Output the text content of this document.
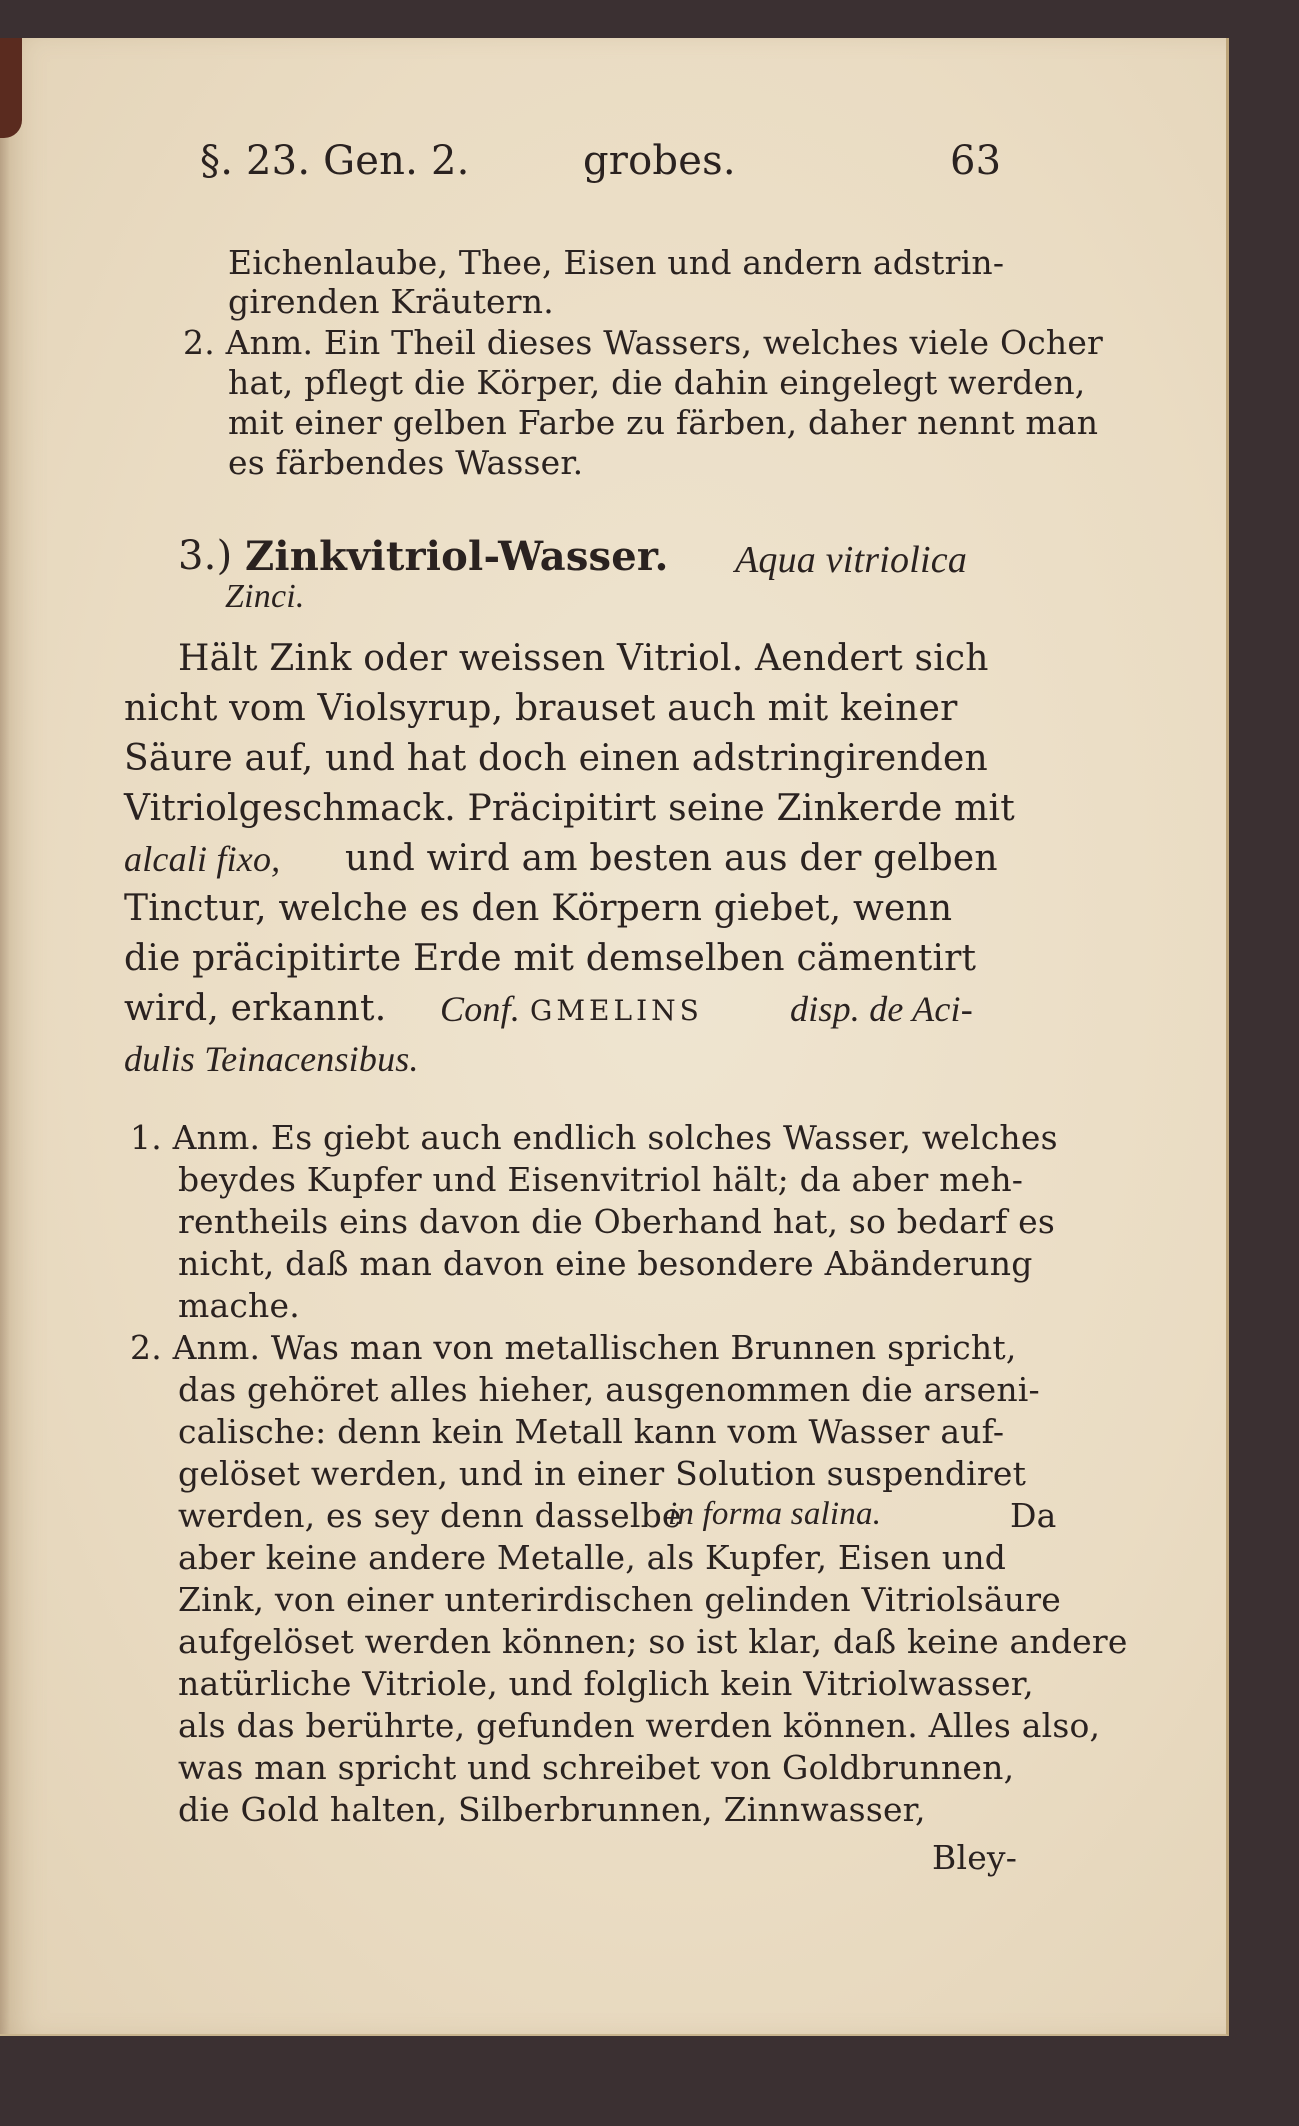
§. 23. Gen. 2.	grobes.	63
Eichenlaube, Thee, Eisen und andern adstrin-
girenden Kräutern.
2. Anm. Ein Theil dieses Wassers, welches viele Ocher
hat, pflegt die Körper, die dahin eingelegt werden,
mit einer gelben Farbe zu färben, daher nennt man
es färbendes Wasser.
3.) Zinkvitriol-Wasser. Aqua vitriolica
Zinci.
Hält Zink oder weissen Vitriol. Aendert sich
nicht vom Violsyrup, brauset auch mit keiner
Säure auf, und hat doch einen adstringirenden
Vitriolgeschmack. Präcipitirt seine Zinkerde mit
alcali fixo, und wird am besten aus der gelben
Tinctur, welche es den Körpern giebet, wenn
die präcipitirte Erde mit demselben cämentirt
wird, erkannt. Conf. GMELINS disp. de Aci-
dulis Teinacensibus.
1. Anm. Es giebt auch endlich solches Wasser, welches
beydes Kupfer und Eisenvitriol hält; da aber meh-
rentheils eins davon die Oberhand hat, so bedarf es
nicht, daß man davon eine besondere Abänderung
mache.
2. Anm. Was man von metallischen Brunnen spricht,
das gehöret alles hieher, ausgenommen die arseni-
calische: denn kein Metall kann vom Wasser auf-
gelöset werden, und in einer Solution suspendiret
werden, es sey denn dasselbe
in forma salina.	Da
aber keine andere Metalle, als Kupfer, Eisen und
Zink, von einer unterirdischen gelinden Vitriolsäure
aufgelöset werden können; so ist klar, daß keine andere
natürliche Vitriole, und folglich kein Vitriolwasser,
als das berührte, gefunden werden können. Alles also,
was man spricht und schreibet von Goldbrunnen,
die Gold halten, Silberbrunnen, Zinnwasser,
Bley-
